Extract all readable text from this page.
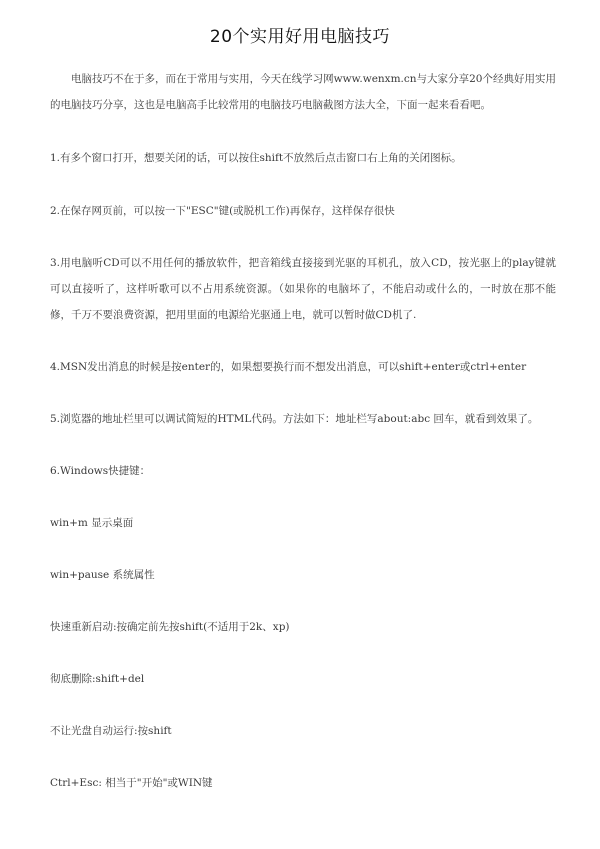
20个实用好用电脑技巧
电脑技巧不在于多，而在于常用与实用，今天在线学习网www.wenxm.cn与大家分享20个经典好用实用的电脑技巧分享，这也是电脑高手比较常用的电脑技巧电脑截图方法大全，下面一起来看看吧。
1.有多个窗口打开，想要关闭的话，可以按住shift不放然后点击窗口右上角的关闭图标。
2.在保存网页前，可以按一下"ESC"键(或脱机工作)再保存，这样保存很快
3.用电脑听CD可以不用任何的播放软件，把音箱线直接接到光驱的耳机孔，放入CD，按光驱上的play键就可以直接听了，这样听歌可以不占用系统资源。（如果你的电脑坏了，不能启动或什么的，一时放在那不能修，千万不要浪费资源，把用里面的电源给光驱通上电，就可以暂时做CD机了.
4.MSN发出消息的时候是按enter的，如果想要换行而不想发出消息，可以shift+enter或ctrl+enter
5.浏览器的地址栏里可以调试简短的HTML代码。方法如下：地址栏写about:abc 回车，就看到效果了。
6.Windows快捷键：
win+m 显示桌面
win+pause 系统属性
快速重新启动:按确定前先按shift(不适用于2k、xp)
彻底删除:shift+del
不让光盘自动运行:按shift
Ctrl+Esc: 相当于"开始"或WIN键
